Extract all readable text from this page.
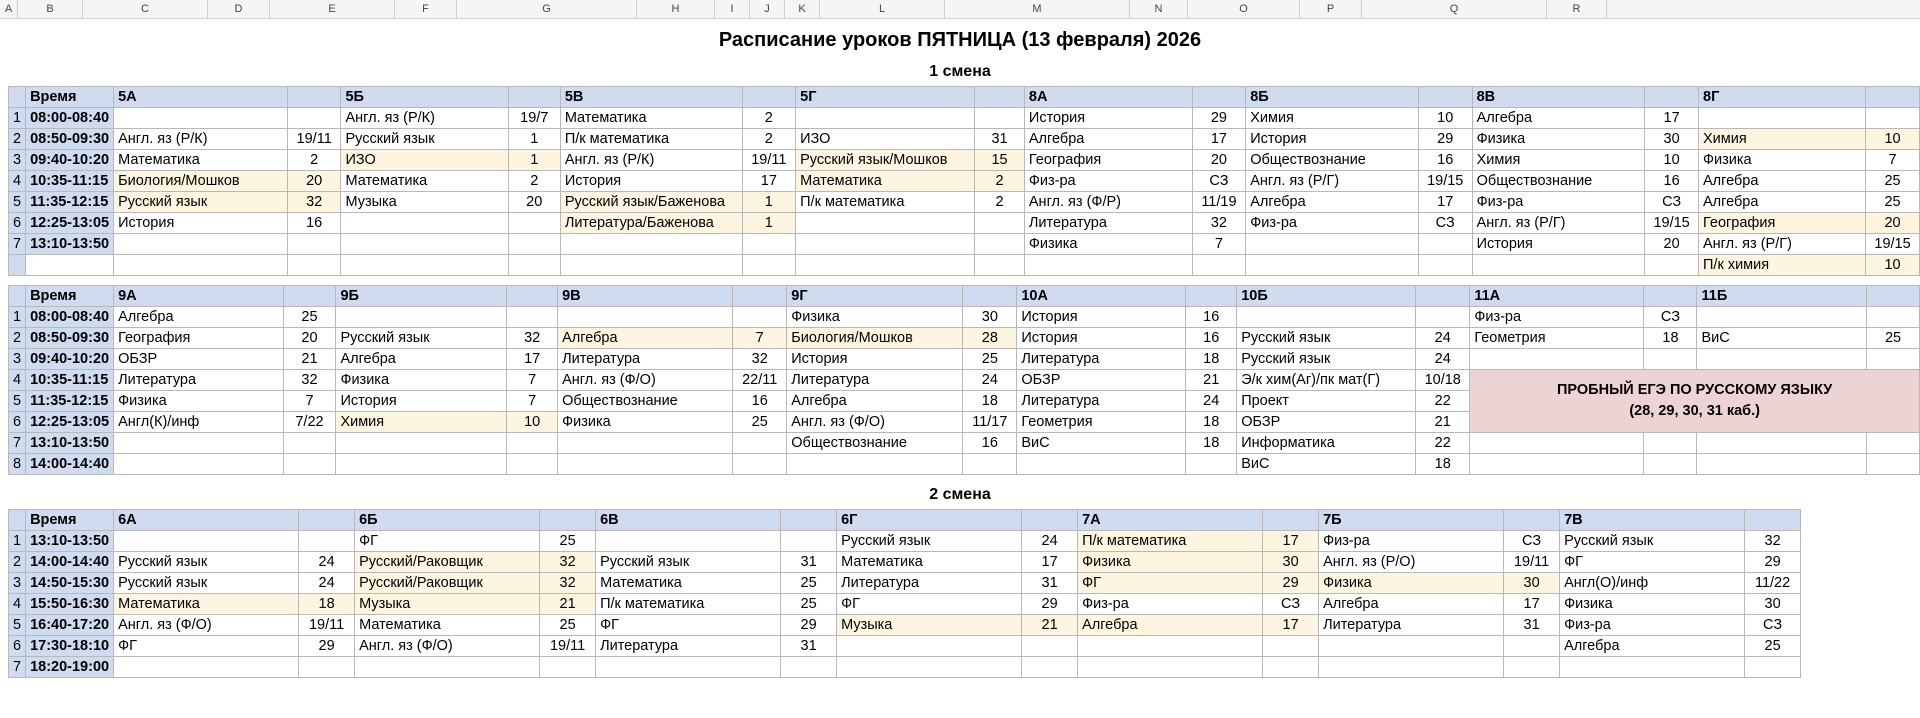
A	B	C	D	E	F	G	H	I	J	K	L	M	N	O	P	Q	R
Расписание уроков ПЯТНИЦА (13 февраля) 2026
1 смена
	Время	5А		5Б		5В		5Г		8А		8Б		8В		8Г	
1	08:00-08:40			Англ. яз (Р/К)	19/7	Математика	2			История	29	Химия	10	Алгебра	17		
2	08:50-09:30	Англ. яз (Р/К)	19/11	Русский язык	1	П/к математика	2	ИЗО	31	Алгебра	17	История	29	Физика	30	Химия	10
3	09:40-10:20	Математика	2	ИЗО	1	Англ. яз (Р/К)	19/11	Русский язык/Мошков	15	География	20	Обществознание	16	Химия	10	Физика	7
4	10:35-11:15	Биология/Мошков	20	Математика	2	История	17	Математика	2	Физ-ра	СЗ	Англ. яз (Р/Г)	19/15	Обществознание	16	Алгебра	25
5	11:35-12:15	Русский язык	32	Музыка	20	Русский язык/Баженова	1	П/к математика	2	Англ. яз (Ф/Р)	11/19	Алгебра	17	Физ-ра	СЗ	Алгебра	25
6	12:25-13:05	История	16			Литература/Баженова	1			Литература	32	Физ-ра	СЗ	Англ. яз (Р/Г)	19/15	География	20
7	13:10-13:50									Физика	7			История	20	Англ. яз (Р/Г)	19/15
																П/к химия	10
	Время	9А		9Б		9В		9Г		10А		10Б		11А		11Б	
1	08:00-08:40	Алгебра	25					Физика	30	История	16			Физ-ра	СЗ		
2	08:50-09:30	География	20	Русский язык	32	Алгебра	7	Биология/Мошков	28	История	16	Русский язык	24	Геометрия	18	ВиС	25
3	09:40-10:20	ОБЗР	21	Алгебра	17	Литература	32	История	25	Литература	18	Русский язык	24				
4	10:35-11:15	Литература	32	Физика	7	Англ. яз (Ф/О)	22/11	Литература	24	ОБЗР	21	Э/к хим(Аг)/пк мат(Г)	10/18	ПРОБНЫЙ ЕГЭ ПО РУССКОМУ ЯЗЫКУ
(28, 29, 30, 31 каб.)			

5	11:35-12:15	Физика	7	История	7	Обществознание	16	Алгебра	18	Литература	24	Проект	22				
6	12:25-13:05	Англ(К)/инф	7/22	Химия	10	Физика	25	Англ. яз (Ф/О)	11/17	Геометрия	18	ОБЗР	21				
7	13:10-13:50							Обществознание	16	ВиС	18	Информатика	22				
8	14:00-14:40											ВиС	18				
2 смена
	Время	6А		6Б		6В		6Г		7А		7Б		7В	
1	13:10-13:50			ФГ	25			Русский язык	24	П/к математика	17	Физ-ра	СЗ	Русский язык	32
2	14:00-14:40	Русский язык	24	Русский/Раковщик	32	Русский язык	31	Математика	17	Физика	30	Англ. яз (Р/О)	19/11	ФГ	29
3	14:50-15:30	Русский язык	24	Русский/Раковщик	32	Математика	25	Литература	31	ФГ	29	Физика	30	Англ(О)/инф	11/22
4	15:50-16:30	Математика	18	Музыка	21	П/к математика	25	ФГ	29	Физ-ра	СЗ	Алгебра	17	Физика	30
5	16:40-17:20	Англ. яз (Ф/О)	19/11	Математика	25	ФГ	29	Музыка	21	Алгебра	17	Литература	31	Физ-ра	СЗ
6	17:30-18:10	ФГ	29	Англ. яз (Ф/О)	19/11	Литература	31							Алгебра	25
7	18:20-19:00														
